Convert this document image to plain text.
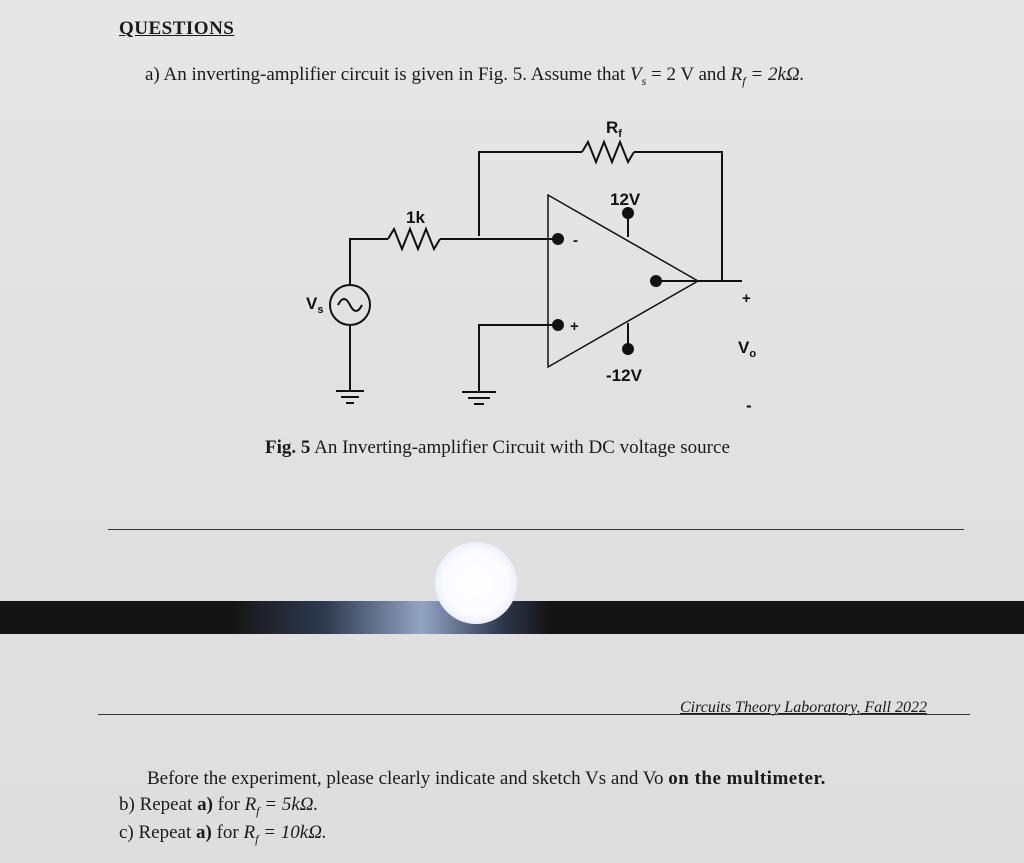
QUESTIONS
a) An inverting-amplifier circuit is given in Fig. 5. Assume that $V_s = 2$ V and $R_f = 2k\Omega$.
$R_f$
1k
$V_s$
12V
-12V
-
+
+
$V_o$
-
Fig. 5 An Inverting-amplifier Circuit with DC voltage source
Circuits Theory Laboratory, Fall 2022
Before the experiment, please clearly indicate and sketch Vs and Vo on the multimeter.
b) Repeat a) for $R_f = 5k\Omega$.
c) Repeat a) for $R_f = 10k\Omega$.
